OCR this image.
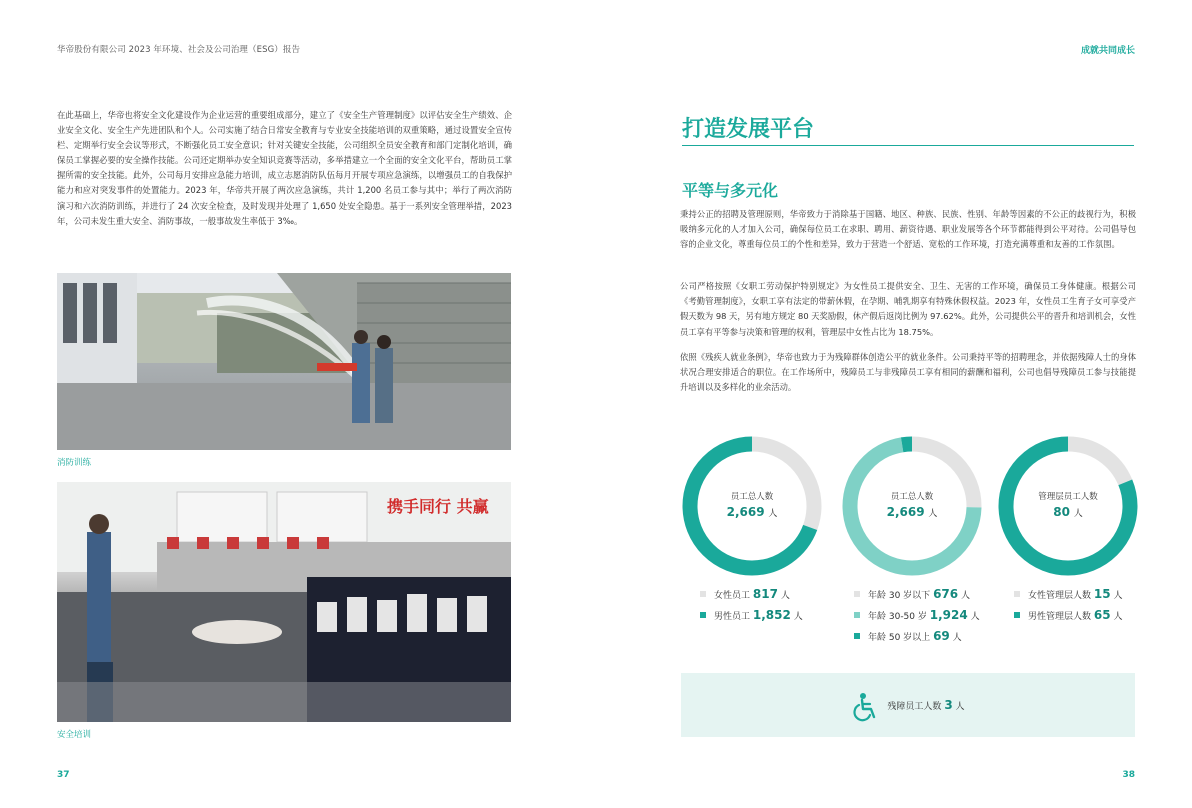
华帝股份有限公司 2023 年环境、社会及公司治理（ESG）报告
在此基础上，华帝也将安全文化建设作为企业运营的重要组成部分，建立了《安全生产管理制度》以评估安全生产绩效、企业安全文化、安全生产先进团队和个人。公司实施了结合日常安全教育与专业安全技能培训的双重策略，通过设置安全宣传栏、定期举行安全会议等形式，不断强化员工安全意识；针对关键安全技能，公司组织全员安全教育和部门定制化培训，确保员工掌握必要的安全操作技能。公司还定期举办安全知识竞赛等活动，多举措建立一个全面的安全文化平台，帮助员工掌握所需的安全技能。此外，公司每月安排应急能力培训，成立志愿消防队伍每月开展专项应急演练，以增强员工的自我保护能力和应对突发事件的处置能力。2023 年，华帝共开展了两次应急演练，共计 1,200 名员工参与其中；举行了两次消防演习和六次消防训练，并进行了 24 次安全检查，及时发现并处理了 1,650 处安全隐患。基于一系列安全管理举措，2023 年，公司未发生重大安全、消防事故，一般事故发生率低于 3‰。
消防训练
携手同行 共赢
安全培训
37
成就共同成长
打造发展平台
平等与多元化
秉持公正的招聘及管理原则，华帝致力于消除基于国籍、地区、种族、民族、性别、年龄等因素的不公正的歧视行为，积极吸纳多元化的人才加入公司，确保每位员工在求职、聘用、薪资待遇、职业发展等各个环节都能得到公平对待。公司倡导包容的企业文化，尊重每位员工的个性和差异，致力于营造一个舒适、宽松的工作环境，打造充满尊重和友善的工作氛围。
公司严格按照《女职工劳动保护特别规定》为女性员工提供安全、卫生、无害的工作环境，确保员工身体健康。根据公司《考勤管理制度》，女职工享有法定的带薪休假，在孕期、哺乳期享有特殊休假权益。2023 年，女性员工生育子女可享受产假天数为 98 天，另有地方规定 80 天奖励假，休产假后返岗比例为 97.62%。此外，公司提供公平的晋升和培训机会，女性员工享有平等参与决策和管理的权利，管理层中女性占比为 18.75%。
依照《残疾人就业条例》，华帝也致力于为残障群体创造公平的就业条件。公司秉持平等的招聘理念，并依据残障人士的身体状况合理安排适合的职位。在工作场所中，残障员工与非残障员工享有相同的薪酬和福利，公司也倡导残障员工参与技能提升培训以及多样化的业余活动。
员工总人数
2,669 人
女性员工 817 人
男性员工 1,852 人
员工总人数
2,669 人
年龄 30 岁以下 676 人
年龄 30-50 岁 1,924 人
年龄 50 岁以上 69 人
管理层员工人数
80 人
女性管理层人数 15 人
男性管理层人数 65 人
残障员工人数 3 人
38
